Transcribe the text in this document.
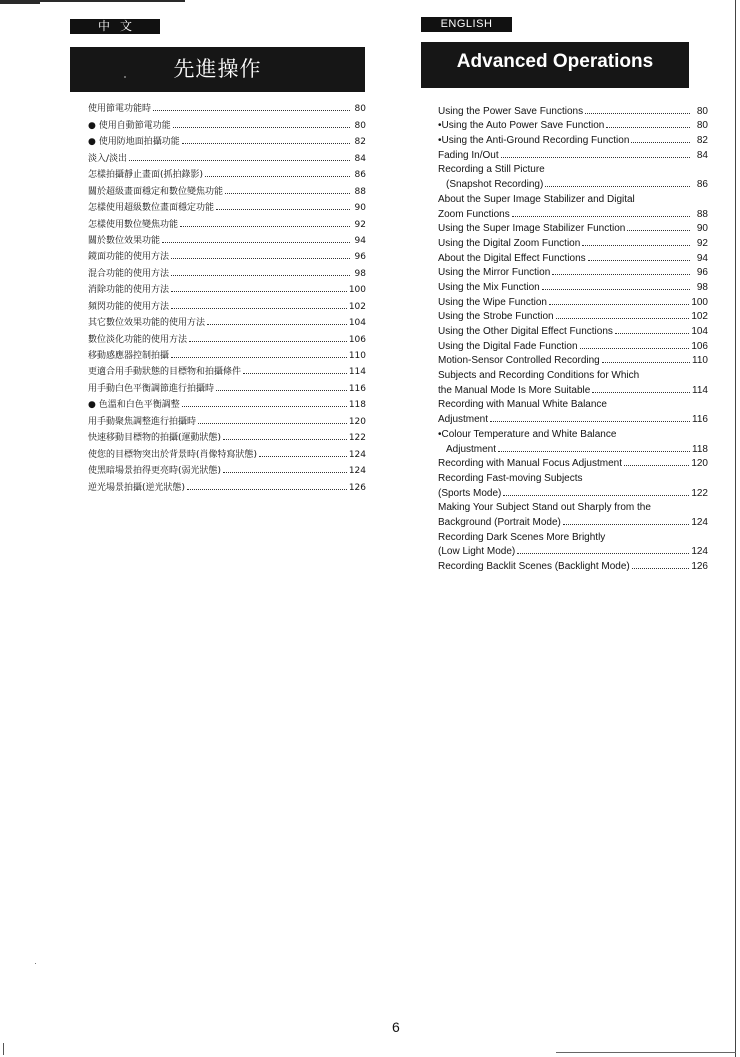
中文
先進操作
使用節電功能時	80
● 使用自動節電功能	80
● 使用防地面拍攝功能	82
淡入/淡出	84
怎樣拍攝靜止畫面(抓拍錄影)	86
關於超級畫面穩定和數位變焦功能	88
怎樣使用超級數位畫面穩定功能	90
怎樣使用數位變焦功能	92
關於數位效果功能	94
鏡面功能的使用方法	96
混合功能的使用方法	98
消除功能的使用方法	100
頻閃功能的使用方法	102
其它數位效果功能的使用方法	104
數位淡化功能的使用方法	106
移動感應器控制拍攝	110
更適合用手動狀態的目標物和拍攝條件	114
用手動白色平衡調節進行拍攝時	116
● 色溫和白色平衡調整	118
用手動聚焦調整進行拍攝時	120
快速移動目標物的拍攝(運動狀態)	122
使您的目標物突出於背景時(肖像特寫狀態)	124
使黑暗場景拍得更亮時(弱光狀態)	124
逆光場景拍攝(逆光狀態)	126
ENGLISH
Advanced Operations
Using the Power Save Functions	80
•Using the Auto Power Save Function	80
•Using the Anti-Ground Recording Function	82
Fading In/Out	84
Recording a Still Picture
(Snapshot Recording)	86
About the Super Image Stabilizer and Digital
Zoom Functions	88
Using the Super Image Stabilizer Function	90
Using the Digital Zoom Function	92
About the Digital Effect Functions	94
Using the Mirror Function	96
Using the Mix Function	98
Using the Wipe Function	100
Using the Strobe Function	102
Using the Other Digital Effect Functions	104
Using the Digital Fade Function	106
Motion-Sensor Controlled Recording	110
Subjects and Recording Conditions for Which
the Manual Mode Is More Suitable	114
Recording with Manual White Balance
Adjustment	116
•Colour Temperature and White Balance
Adjustment	118
Recording with Manual Focus Adjustment	120
Recording Fast-moving Subjects
(Sports Mode)	122
Making Your Subject Stand out Sharply from the
Background (Portrait Mode)	124
Recording Dark Scenes More Brightly
(Low Light Mode)	124
Recording Backlit Scenes (Backlight Mode)	126
6
